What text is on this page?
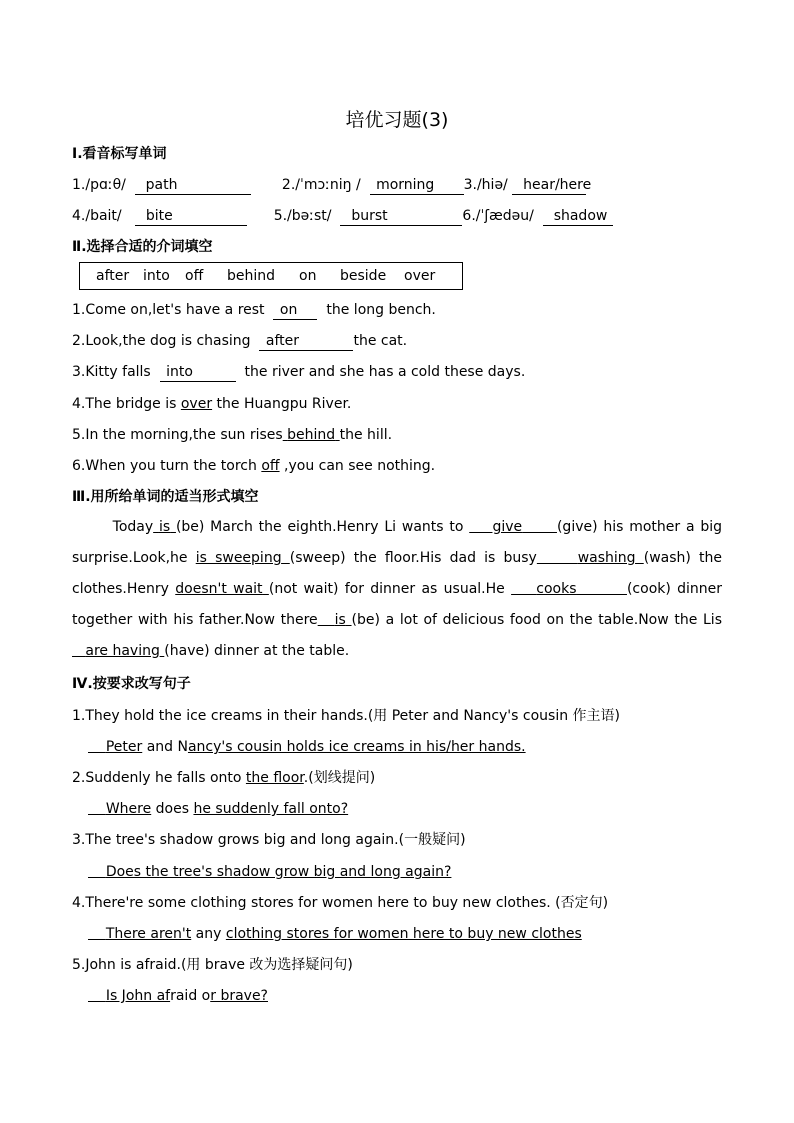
培优习题(3)
Ⅰ.看音标写单词
1./pɑːθ/ path	2./ˈmɔːniŋ / morning 3./hiə/ hear/here
4./bait/ bite	5./bəːst/ burst	6./ˈʃædəu/ shadow
Ⅱ.选择合适的介词填空
after into off behind on beside over
1.Come on,let's have a rest on the long bench.
2.Look,the dog is chasing after	the cat.
3.Kitty falls into	the river and she has a cold these days.
4.The bridge is over the Huangpu River.
5.In the morning,the sun rises behind the hill.
6.When you turn the torch off ,you can see nothing.
Ⅲ.用所给单词的适当形式填空
Today is (be) March the eighth.Henry Li wants to give (give) his mother a big surprise.Look,he is sweeping (sweep) the floor.His dad is busy	washing (wash) the clothes.Henry doesn't wait (not wait) for dinner as usual.He cooks	(cook) dinner together with his father.Now there is (be) a lot of delicious food on the table.Now the Lis    are having (have) dinner at the table.
Ⅳ.按要求改写句子
1.They hold the ice creams in their hands.(用 Peter and Nancy's cousin 作主语)
Peter and Nancy's cousin holds ice creams in his/her hands.
2.Suddenly he falls onto the floor.(划线提问)
Where does he suddenly fall onto?
3.The tree's shadow grows big and long again.(一般疑问)
Does the tree's shadow grow big and long again?
4.There're some clothing stores for women here to buy new clothes. (否定句)
There aren't any clothing stores for women here to buy new clothes
5.John is afraid.(用 brave 改为选择疑问句)
Is John afraid or brave?
